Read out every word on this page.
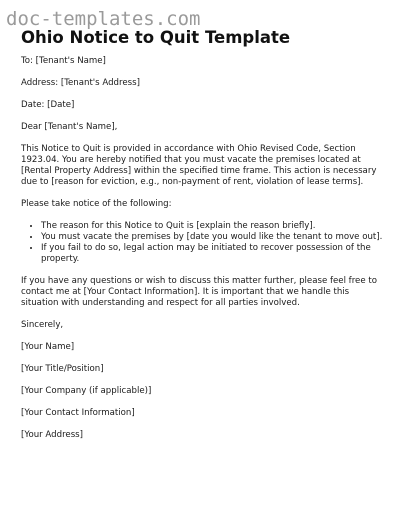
doc-templates.com
Ohio Notice to Quit Template

To: [Tenant's Name]

Address: [Tenant's Address]

Date: [Date]

Dear [Tenant's Name],

This Notice to Quit is provided in accordance with Ohio Revised Code, Section 1923.04. You are hereby notified that you must vacate the premises located at [Rental Property Address] within the specified time frame. This action is necessary due to [reason for eviction, e.g., non-payment of rent, violation of lease terms].

Please take notice of the following:

• The reason for this Notice to Quit is [explain the reason briefly].
• You must vacate the premises by [date you would like the tenant to move out].
• If you fail to do so, legal action may be initiated to recover possession of the property.

If you have any questions or wish to discuss this matter further, please feel free to contact me at [Your Contact Information]. It is important that we handle this situation with understanding and respect for all parties involved.

Sincerely,

[Your Name]

[Your Title/Position]

[Your Company (if applicable)]

[Your Contact Information]

[Your Address]
